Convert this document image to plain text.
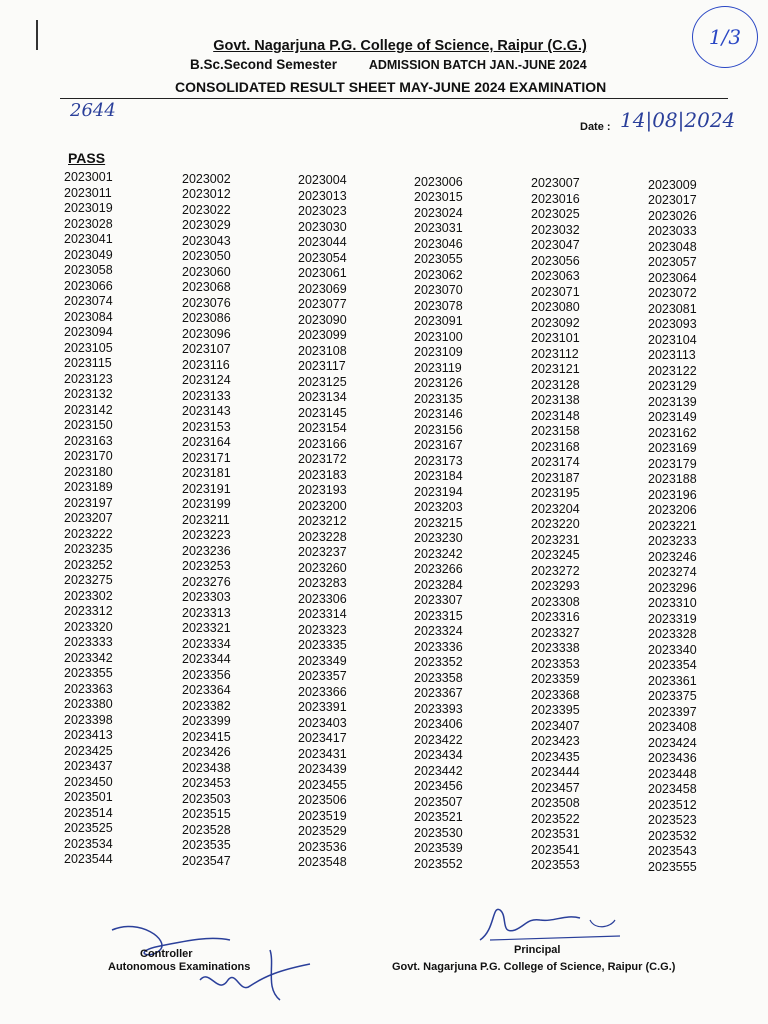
1/3
Govt. Nagarjuna P.G. College of Science, Raipur (C.G.)
B.Sc.Second Semester	ADMISSION BATCH JAN.-JUNE 2024
CONSOLIDATED RESULT SHEET MAY-JUNE 2024 EXAMINATION
2644
Date : 14|08|2024
PASS
2023001
2023011
2023019
2023028
2023041
2023049
2023058
2023066
2023074
2023084
2023094
2023105
2023115
2023123
2023132
2023142
2023150
2023163
2023170
2023180
2023189
2023197
2023207
2023222
2023235
2023252
2023275
2023302
2023312
2023320
2023333
2023342
2023355
2023363
2023380
2023398
2023413
2023425
2023437
2023450
2023501
2023514
2023525
2023534
2023544
2023002
2023012
2023022
2023029
2023043
2023050
2023060
2023068
2023076
2023086
2023096
2023107
2023116
2023124
2023133
2023143
2023153
2023164
2023171
2023181
2023191
2023199
2023211
2023223
2023236
2023253
2023276
2023303
2023313
2023321
2023334
2023344
2023356
2023364
2023382
2023399
2023415
2023426
2023438
2023453
2023503
2023515
2023528
2023535
2023547
2023004
2023013
2023023
2023030
2023044
2023054
2023061
2023069
2023077
2023090
2023099
2023108
2023117
2023125
2023134
2023145
2023154
2023166
2023172
2023183
2023193
2023200
2023212
2023228
2023237
2023260
2023283
2023306
2023314
2023323
2023335
2023349
2023357
2023366
2023391
2023403
2023417
2023431
2023439
2023455
2023506
2023519
2023529
2023536
2023548
2023006
2023015
2023024
2023031
2023046
2023055
2023062
2023070
2023078
2023091
2023100
2023109
2023119
2023126
2023135
2023146
2023156
2023167
2023173
2023184
2023194
2023203
2023215
2023230
2023242
2023266
2023284
2023307
2023315
2023324
2023336
2023352
2023358
2023367
2023393
2023406
2023422
2023434
2023442
2023456
2023507
2023521
2023530
2023539
2023552
2023007
2023016
2023025
2023032
2023047
2023056
2023063
2023071
2023080
2023092
2023101
2023112
2023121
2023128
2023138
2023148
2023158
2023168
2023174
2023187
2023195
2023204
2023220
2023231
2023245
2023272
2023293
2023308
2023316
2023327
2023338
2023353
2023359
2023368
2023395
2023407
2023423
2023435
2023444
2023457
2023508
2023522
2023531
2023541
2023553
2023009
2023017
2023026
2023033
2023048
2023057
2023064
2023072
2023081
2023093
2023104
2023113
2023122
2023129
2023139
2023149
2023162
2023169
2023179
2023188
2023196
2023206
2023221
2023233
2023246
2023274
2023296
2023310
2023319
2023328
2023340
2023354
2023361
2023375
2023397
2023408
2023424
2023436
2023448
2023458
2023512
2023523
2023532
2023543
2023555
Controller
Autonomous Examinations
Principal
Govt. Nagarjuna P.G. College of Science, Raipur (C.G.)
